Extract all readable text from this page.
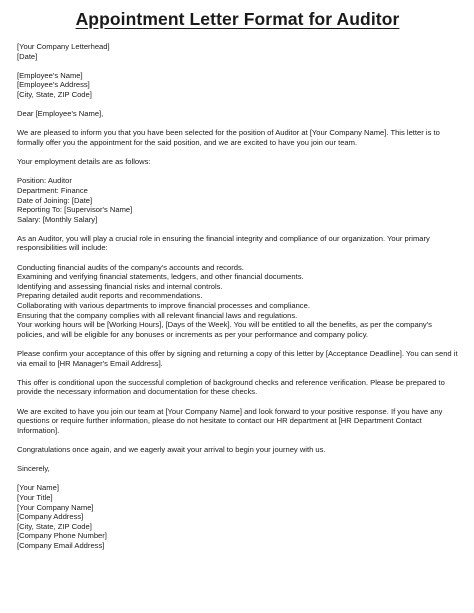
Appointment Letter Format for Auditor
[Your Company Letterhead]
[Date]
[Employee's Name]
[Employee's Address]
[City, State, ZIP Code]

Dear [Employee's Name],

We are pleased to inform you that you have been selected for the position of Auditor at [Your Company Name]. This letter is to formally offer you the appointment for the said position, and we are excited to have you join our team.

Your employment details are as follows:

Position: Auditor
Department: Finance
Date of Joining: [Date]
Reporting To: [Supervisor's Name]
Salary: [Monthly Salary]

As an Auditor, you will play a crucial role in ensuring the financial integrity and compliance of our organization. Your primary responsibilities will include:

Conducting financial audits of the company's accounts and records.
Examining and verifying financial statements, ledgers, and other financial documents.
Identifying and assessing financial risks and internal controls.
Preparing detailed audit reports and recommendations.
Collaborating with various departments to improve financial processes and compliance.
Ensuring that the company complies with all relevant financial laws and regulations.

Your working hours will be [Working Hours], [Days of the Week]. You will be entitled to all the benefits, as per the company's policies, and will be eligible for any bonuses or increments as per your performance and company policy.

Please confirm your acceptance of this offer by signing and returning a copy of this letter by [Acceptance Deadline]. You can send it via email to [HR Manager's Email Address].

This offer is conditional upon the successful completion of background checks and reference verification. Please be prepared to provide the necessary information and documentation for these checks.

We are excited to have you join our team at [Your Company Name] and look forward to your positive response. If you have any questions or require further information, please do not hesitate to contact our HR department at [HR Department Contact Information].

Congratulations once again, and we eagerly await your arrival to begin your journey with us.

Sincerely,

[Your Name]
[Your Title]
[Your Company Name]
[Company Address]
[City, State, ZIP Code]
[Company Phone Number]
[Company Email Address]
